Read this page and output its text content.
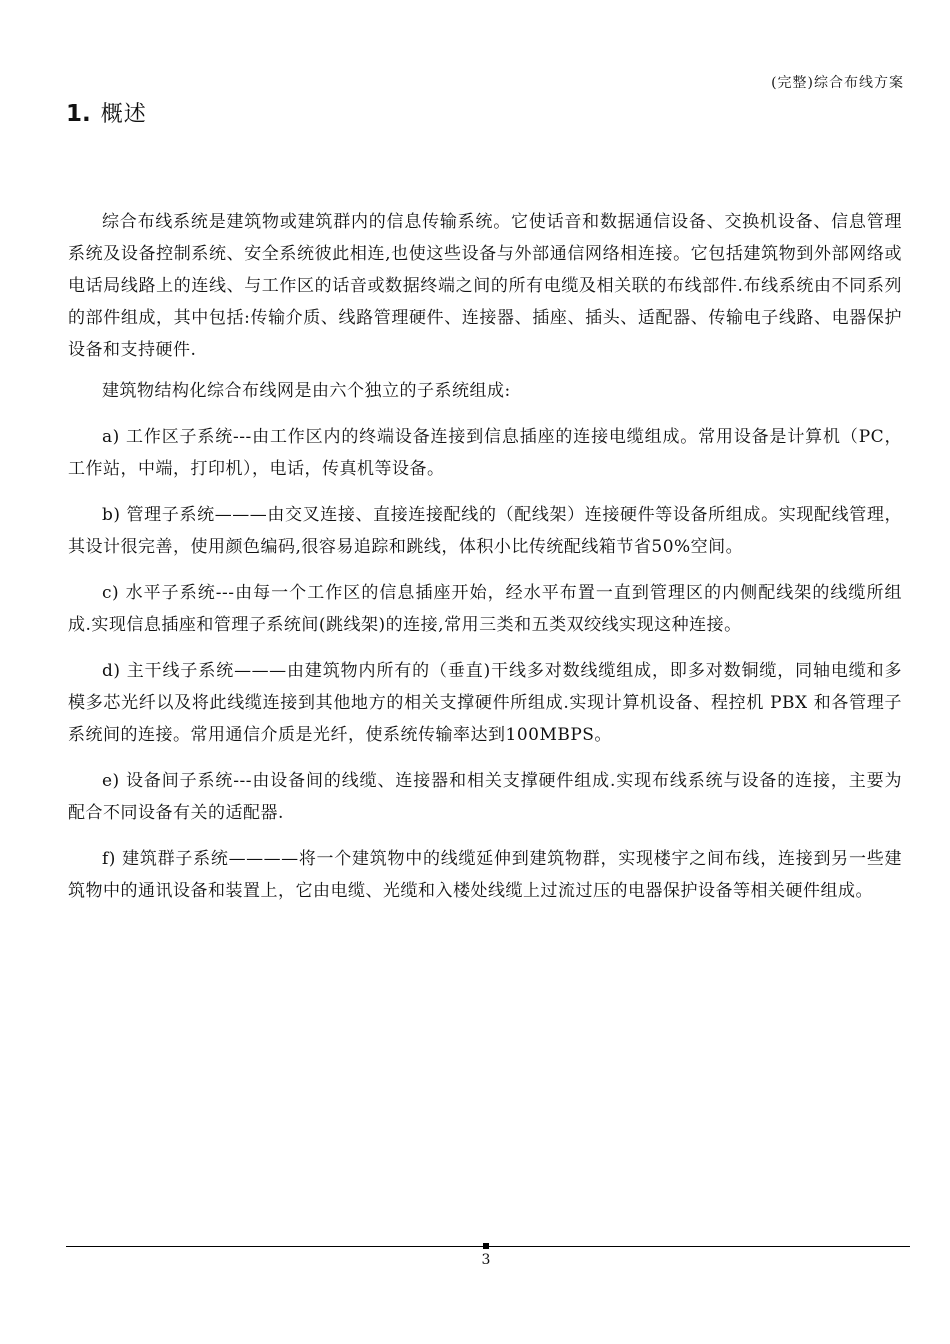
(完整)综合布线方案
1. 概述

综合布线系统是建筑物或建筑群内的信息传输系统。它使话音和数据通信设备、交换机设备、信息管理系统及设备控制系统、安全系统彼此相连,也使这些设备与外部通信网络相连接。它包括建筑物到外部网络或电话局线路上的连线、与工作区的话音或数据终端之间的所有电缆及相关联的布线部件.布线系统由不同系列的部件组成，其中包括:传输介质、线路管理硬件、连接器、插座、插头、适配器、传输电子线路、电器保护设备和支持硬件.

建筑物结构化综合布线网是由六个独立的子系统组成:

a) 工作区子系统---由工作区内的终端设备连接到信息插座的连接电缆组成。常用设备是计算机（PC，工作站，中端，打印机），电话，传真机等设备。

b) 管理子系统———由交叉连接、直接连接配线的（配线架）连接硬件等设备所组成。实现配线管理，其设计很完善，使用颜色编码,很容易追踪和跳线，体积小比传统配线箱节省50%空间。

c) 水平子系统---由每一个工作区的信息插座开始，经水平布置一直到管理区的内侧配线架的线缆所组成.实现信息插座和管理子系统间(跳线架)的连接,常用三类和五类双绞线实现这种连接。

d) 主干线子系统———由建筑物内所有的（垂直)干线多对数线缆组成，即多对数铜缆，同轴电缆和多模多芯光纤以及将此线缆连接到其他地方的相关支撑硬件所组成.实现计算机设备、程控机 PBX 和各管理子系统间的连接。常用通信介质是光纤，使系统传输率达到100MBPS。

e) 设备间子系统---由设备间的线缆、连接器和相关支撑硬件组成.实现布线系统与设备的连接，主要为配合不同设备有关的适配器.

f) 建筑群子系统————将一个建筑物中的线缆延伸到建筑物群，实现楼宇之间布线，连接到另一些建筑物中的通讯设备和装置上，它由电缆、光缆和入楼处线缆上过流过压的电器保护设备等相关硬件组成。

3
